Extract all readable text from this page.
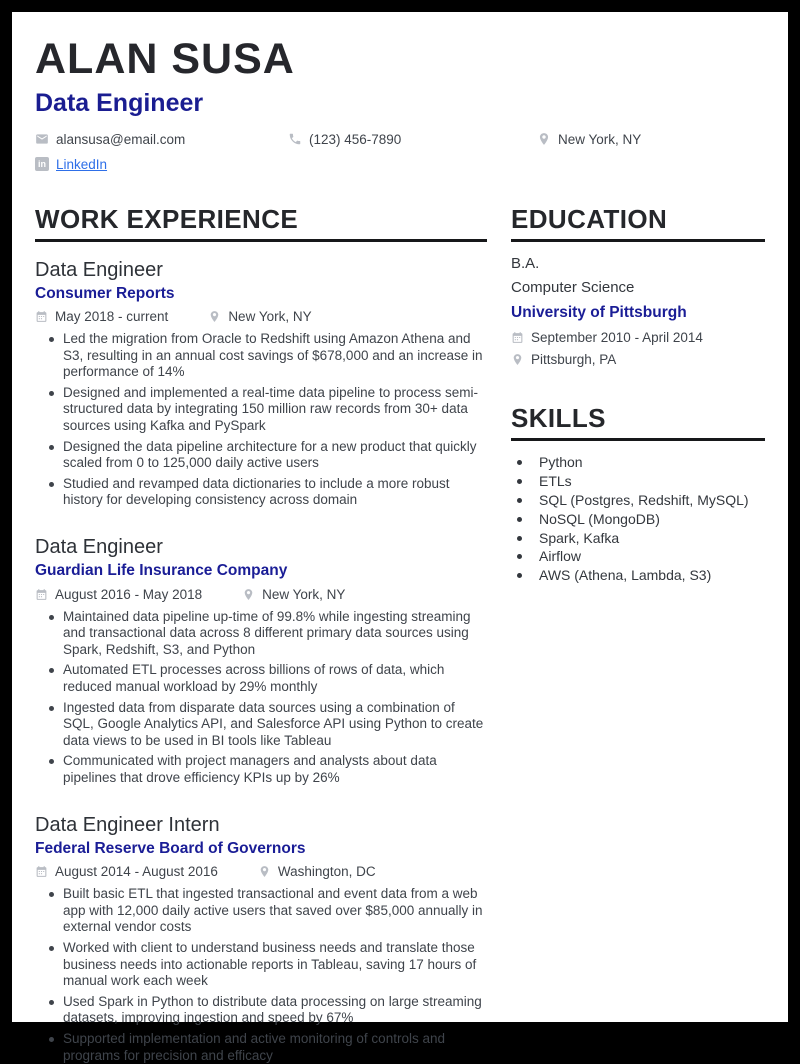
ALAN SUSA
Data Engineer
alansusa@email.com	(123) 456-7890	New York, NY
in LinkedIn
WORK EXPERIENCE
Data Engineer
Consumer Reports
May 2018 - current	New York, NY
Led the migration from Oracle to Redshift using Amazon Athena and S3, resulting in an annual cost savings of $678,000 and an increase in performance of 14%
Designed and implemented a real-time data pipeline to process semi-structured data by integrating 150 million raw records from 30+ data sources using Kafka and PySpark
Designed the data pipeline architecture for a new product that quickly scaled from 0 to 125,000 daily active users
Studied and revamped data dictionaries to include a more robust history for developing consistency across domain
Data Engineer
Guardian Life Insurance Company
August 2016 - May 2018	New York, NY
Maintained data pipeline up-time of 99.8% while ingesting streaming and transactional data across 8 different primary data sources using Spark, Redshift, S3, and Python
Automated ETL processes across billions of rows of data, which reduced manual workload by 29% monthly
Ingested data from disparate data sources using a combination of SQL, Google Analytics API, and Salesforce API using Python to create data views to be used in BI tools like Tableau
Communicated with project managers and analysts about data pipelines that drove efficiency KPIs up by 26%
Data Engineer Intern
Federal Reserve Board of Governors
August 2014 - August 2016	Washington, DC
Built basic ETL that ingested transactional and event data from a web app with 12,000 daily active users that saved over $85,000 annually in external vendor costs
Worked with client to understand business needs and translate those business needs into actionable reports in Tableau, saving 17 hours of manual work each week
Used Spark in Python to distribute data processing on large streaming datasets, improving ingestion and speed by 67%
Supported implementation and active monitoring of controls and programs for precision and efficacy
EDUCATION
B.A.
Computer Science
University of Pittsburgh
September 2010 - April 2014
Pittsburgh, PA
SKILLS
Python
ETLs
SQL (Postgres, Redshift, MySQL)
NoSQL (MongoDB)
Spark, Kafka
Airflow
AWS (Athena, Lambda, S3)
